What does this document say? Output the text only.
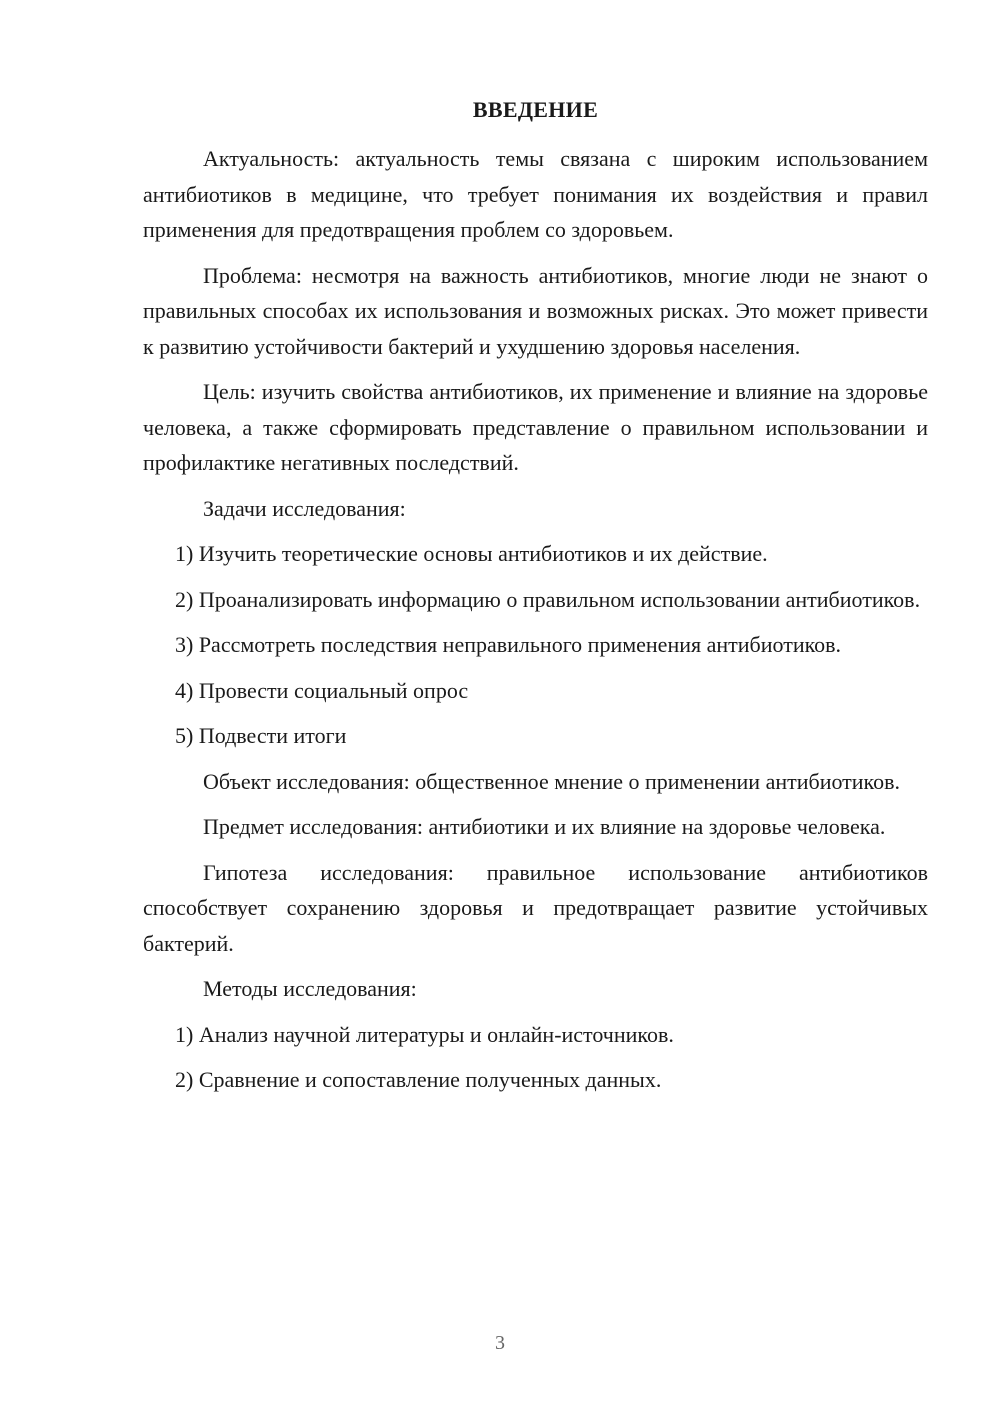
ВВЕДЕНИЕ

Актуальность: актуальность темы связана с широким использованием антибиотиков в медицине, что требует понимания их воздействия и правил применения для предотвращения проблем со здоровьем.

Проблема: несмотря на важность антибиотиков, многие люди не знают о правильных способах их использования и возможных рисках. Это может привести к развитию устойчивости бактерий и ухудшению здоровья населения.

Цель: изучить свойства антибиотиков, их применение и влияние на здоровье человека, а также сформировать представление о правильном использовании и профилактике негативных последствий.

Задачи исследования:

1) Изучить теоретические основы антибиотиков и их действие.

2) Проанализировать информацию о правильном использовании антибиотиков.

3) Рассмотреть последствия неправильного применения антибиотиков.

4) Провести социальный опрос

5) Подвести итоги

Объект исследования: общественное мнение о применении антибиотиков.

Предмет исследования: антибиотики и их влияние на здоровье человека.

Гипотеза исследования: правильное использование антибиотиков способствует сохранению здоровья и предотвращает развитие устойчивых бактерий.

Методы исследования:

1) Анализ научной литературы и онлайн-источников.

2) Сравнение и сопоставление полученных данных.

3
